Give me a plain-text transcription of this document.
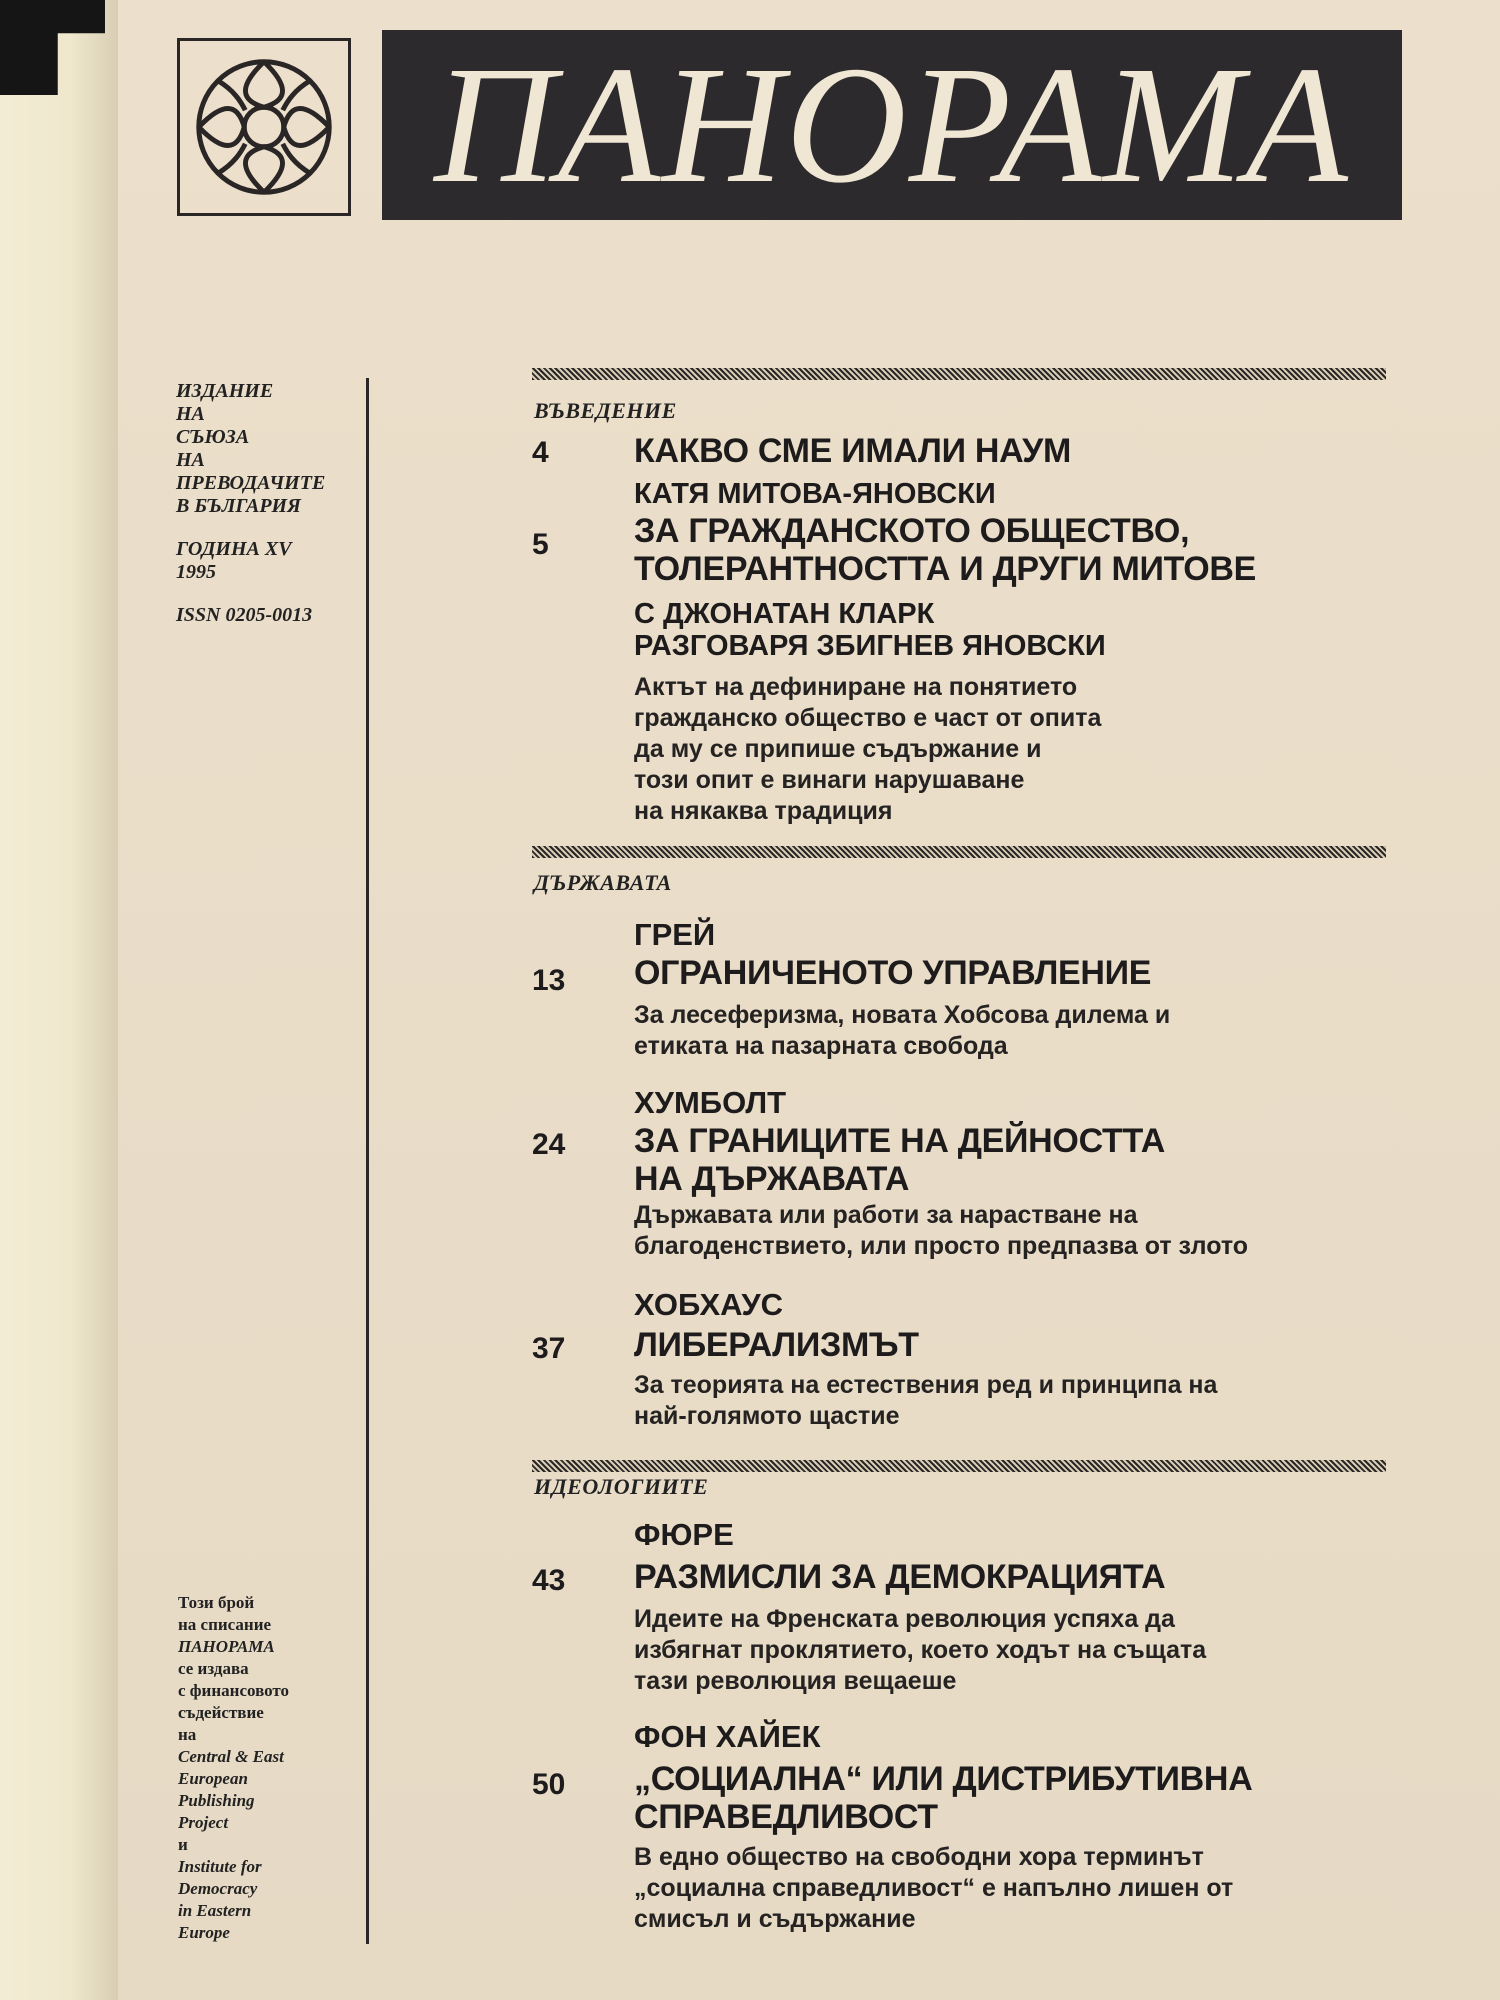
ПАНОРАМА
ИЗДАНИЕ
НА
СЪЮЗА
НА
ПРЕВОДАЧИТЕ
В БЪЛГАРИЯ
ГОДИНА XV
1995
ISSN 0205-0013
Този брой
на списание
ПАНОРАМА
се издава
с финансовото
съдействие
на
Central & East
European
Publishing
Project
и
Institute for
Democracy
in Eastern
Europe
ВЪВЕДЕНИЕ
4	КАКВО СМЕ ИМАЛИ НАУМ
КАТЯ МИТОВА-ЯНОВСКИ
5	ЗА ГРАЖДАНСКОТО ОБЩЕСТВО,
ТОЛЕРАНТНОСТТА И ДРУГИ МИТОВЕ
С ДЖОНАТАН КЛАРК
РАЗГОВАРЯ ЗБИГНЕВ ЯНОВСКИ
Актът на дефиниране на понятието
гражданско общество е част от опита
да му се припише съдържание и
този опит е винаги нарушаване
на някаква традиция
ДЪРЖАВАТА
ГРЕЙ
13 ОГРАНИЧЕНОТО УПРАВЛЕНИЕ
За лесеферизма, новата Хобсова дилема и
етиката на пазарната свобода
ХУМБОЛТ
24 ЗА ГРАНИЦИТЕ НА ДЕЙНОСТТА
НА ДЪРЖАВАТА
Държавата или работи за нарастване на
благоденствието, или просто предпазва от злото
ХОБХАУС
37 ЛИБЕРАЛИЗМЪТ
За теорията на естествения ред и принципа на
най-голямото щастие
ИДЕОЛОГИИТЕ
ФЮРЕ
43 РАЗМИСЛИ ЗА ДЕМОКРАЦИЯТА
Идеите на Френската революция успяха да
избягнат проклятието, което ходът на същата
тази революция вещаеше
ФОН ХАЙЕК
50 „СОЦИАЛНА“ ИЛИ ДИСТРИБУТИВНА
СПРАВЕДЛИВОСТ
В едно общество на свободни хора терминът
„социална справедливост“ е напълно лишен от
смисъл и съдържание
